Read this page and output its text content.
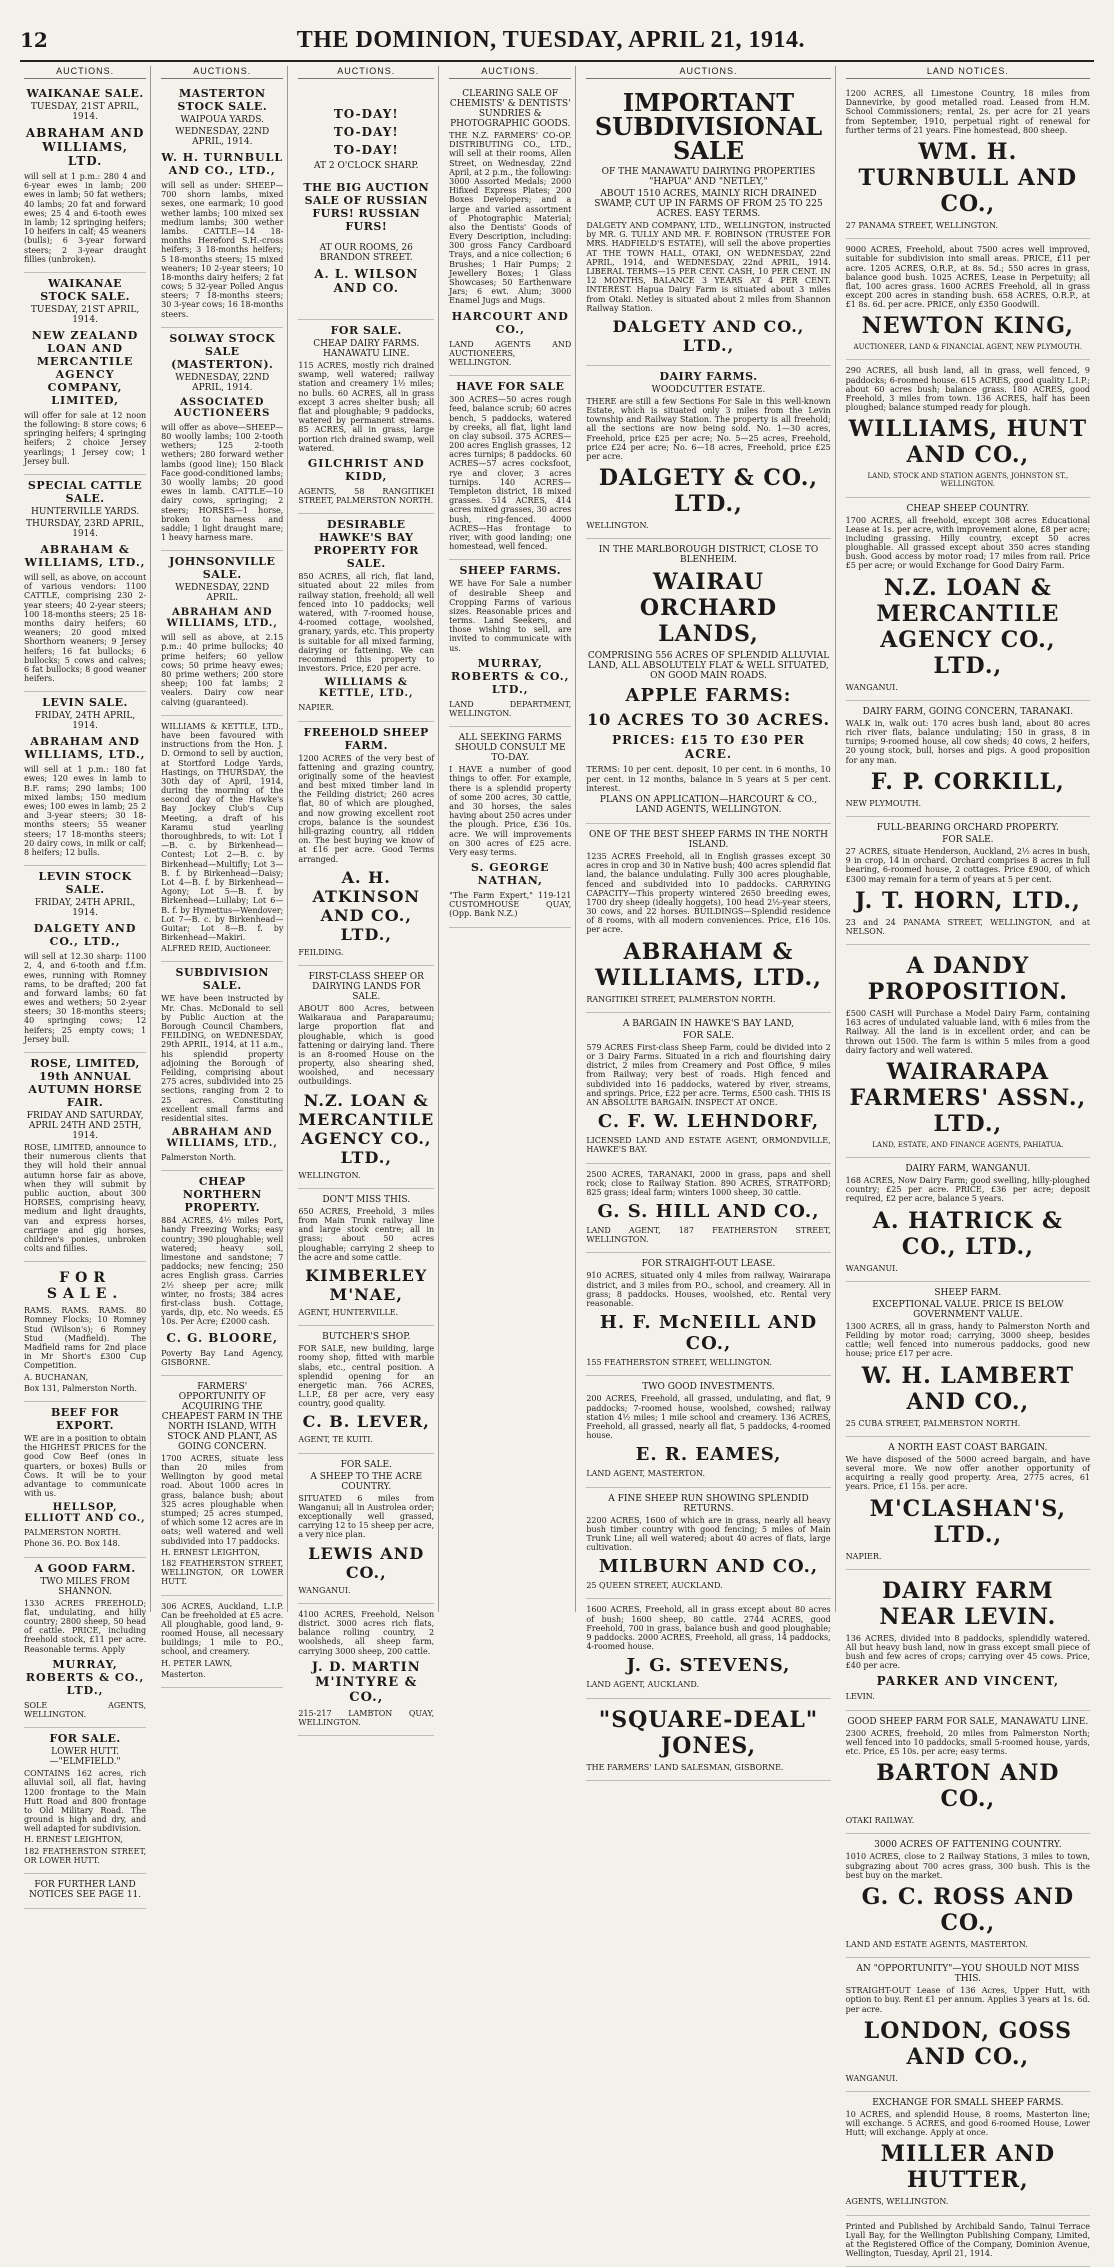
12	THE DOMINION, TUESDAY, APRIL 21, 1914.
AUCTIONS.
WAIKANAE SALE.
TUESDAY, 21ST APRIL, 1914.
ABRAHAM AND WILLIAMS, LTD.

will sell at 1 p.m.: 280 4 and 6-year ewes in lamb; 200 ewes in lamb; 50 fat wethers; 40 lambs; 20 fat and forward ewes; 25 4 and 6-tooth ewes in lamb; 12 springing heifers; 10 heifers in calf; 45 weaners (bulls); 6 3-year forward steers; 2 3-year draught fillies (unbroken).

WAIKANAE STOCK SALE.
TUESDAY, 21ST APRIL, 1914.
NEW ZEALAND LOAN AND MERCANTILE AGENCY COMPANY, LIMITED,

will offer for sale at 12 noon the following: 8 store cows; 6 springing heifers; 4 springing heifers; 2 choice Jersey yearlings; 1 Jersey cow; 1 Jersey bull.

SPECIAL CATTLE SALE.
HUNTERVILLE YARDS.
THURSDAY, 23RD APRIL, 1914.
ABRAHAM & WILLIAMS, LTD.,

will sell, as above, on account of various vendors: 1100 CATTLE, comprising 230 2-year steers; 40 2-year steers; 100 18-months steers; 25 18-months dairy heifers; 60 weaners; 20 good mixed Shorthorn weaners; 9 Jersey heifers; 16 fat bullocks; 6 bullocks; 5 cows and calves; 6 fat bullocks; 8 good weaner heifers.

LEVIN SALE.
FRIDAY, 24TH APRIL, 1914.
ABRAHAM AND WILLIAMS, LTD.,

will sell at 1 p.m.: 180 fat ewes; 120 ewes in lamb to B.F. rams; 290 lambs; 100 mixed lambs; 150 medium ewes; 100 ewes in lamb; 25 2 and 3-year steers; 30 18-months steers; 55 weaner steers; 17 18-months steers; 20 dairy cows, in milk or calf; 8 heifers; 12 bulls.

LEVIN STOCK SALE.
FRIDAY, 24TH APRIL, 1914.
DALGETY AND CO., LTD.,

will sell at 12.30 sharp: 1100 2, 4, and 6-tooth and f.f.m. ewes, running with Romney rams, to be drafted; 200 fat and forward lambs; 60 fat ewes and wethers; 50 2-year steers; 30 18-months steers; 40 springing cows; 12 heifers; 25 empty cows; 1 Jersey bull.

ROSE, LIMITED, 19th ANNUAL AUTUMN HORSE FAIR.
FRIDAY AND SATURDAY, APRIL 24TH AND 25TH, 1914.

ROSE, LIMITED, announce to their numerous clients that they will hold their annual autumn horse fair as above, when they will submit by public auction, about 300 HORSES, comprising heavy, medium and light draughts, van and express horses, carriage and gig horses, children's ponies, unbroken colts and fillies.

FOR SALE.

RAMS. RAMS. RAMS. 80 Romney Flocks; 10 Romney Stud (Wilson's); 6 Romney Stud (Madfield). The Madfield rams for 2nd place in Mr Short's £300 Cup Competition.

A. BUCHANAN,

Box 131, Palmerston North.

BEEF FOR EXPORT.

WE are in a position to obtain the HIGHEST PRICES for the good Cow Beef (ones in quarters, or boxes) Bulls or Cows. It will be to your advantage to communicate with us.

HELLSOP, ELLIOTT AND CO.,

PALMERSTON NORTH.

Phone 36. P.O. Box 148.

A GOOD FARM.
TWO MILES FROM SHANNON.

1330 ACRES FREEHOLD; flat, undulating, and hilly country; 2800 sheep, 50 head of cattle. PRICE, including freehold stock, £11 per acre. Reasonable terms. Apply

MURRAY, ROBERTS & CO., LTD.,

SOLE AGENTS, WELLINGTON.

FOR SALE.
LOWER HUTT.—"ELMFIELD."

CONTAINS 162 acres, rich alluvial soil, all flat, having 1200 frontage to the Main Hutt Road and 800 frontage to Old Military Road. The ground is high and dry, and well adapted for subdivision.

H. ERNEST LEIGHTON,

182 FEATHERSTON STREET, OR LOWER HUTT.

FOR FURTHER LAND NOTICES SEE PAGE 11.
AUCTIONS.
MASTERTON STOCK SALE.
WAIPOUA YARDS.
WEDNESDAY, 22ND APRIL, 1914.
W. H. TURNBULL AND CO., LTD.,

will sell as under: SHEEP—700 shorn lambs, mixed sexes, one earmark; 10 good wether lambs; 100 mixed sex medium lambs; 300 wether lambs. CATTLE—14 18-months Hereford S.H.-cross heifers; 3 18-months heifers; 5 18-months steers; 15 mixed weaners; 10 2-year steers; 10 18-months dairy heifers; 2 fat cows; 5 32-year Polled Angus steers; 7 18-months steers; 30 3-year cows; 16 18-months steers.

SOLWAY STOCK SALE (MASTERTON).
WEDNESDAY, 22ND APRIL, 1914.
ASSOCIATED AUCTIONEERS

will offer as above—SHEEP—80 woolly lambs; 100 2-tooth wethers; 125 2-tooth wethers; 280 forward wether lambs (good line); 150 Black Face good-conditioned lambs; 30 woolly lambs; 20 good ewes in lamb. CATTLE—10 dairy cows, springing; 2 steers; HORSES—1 horse, broken to harness and saddle; 1 light draught mare; 1 heavy harness mare.

JOHNSONVILLE SALE.
WEDNESDAY, 22ND APRIL.
ABRAHAM AND WILLIAMS, LTD.,

will sell as above, at 2.15 p.m.: 40 prime bullocks; 40 prime heifers; 60 yellow cows; 50 prime heavy ewes; 80 prime wethers; 200 store sheep; 100 fat lambs; 2 vealers. Dairy cow near calving (guaranteed).

WILLIAMS & KETTLE, LTD., have been favoured with instructions from the Hon. J. D. Ormond to sell by auction, at Stortford Lodge Yards, Hastings, on THURSDAY, the 30th day of April, 1914, during the morning of the second day of the Hawke's Bay Jockey Club's Cup Meeting, a draft of his Karamu stud yearling thoroughbreds, to wit: Lot 1—B. c. by Birkenhead—Contest; Lot 2—B. c. by Birkenhead—Multifly; Lot 3—B. f. by Birkenhead—Daisy; Lot 4—B. f. by Birkenhead—Agony; Lot 5—B. f. by Birkenhead—Lullaby; Lot 6—B. f. by Hymettus—Wendover; Lot 7—B. c. by Birkenhead—Guitar; Lot 8—B. f. by Birkenhead—Makiri.

ALFRED REID, Auctioneer.

SUBDIVISION SALE.

WE have been instructed by Mr. Chas. McDonald to sell by Public Auction at the Borough Council Chambers, FEILDING, on WEDNESDAY, 29th APRIL, 1914, at 11 a.m., his splendid property adjoining the Borough of Feilding, comprising about 275 acres, subdivided into 25 sections, ranging from 2 to 25 acres. Constituting excellent small farms and residential sites.

ABRAHAM AND WILLIAMS, LTD.,

Palmerston North.

CHEAP NORTHERN PROPERTY.

884 ACRES, 4½ miles Port, handy Freezing Works; easy country; 390 ploughable; well watered; heavy soil, limestone and sandstone; 7 paddocks; new fencing; 250 acres English grass. Carries 2½ sheep per acre; milk winter, no frosts; 384 acres first-class bush. Cottage, yards, dip, etc. No weeds. £5 10s. Per Acre; £2000 cash.

C. G. BLOORE,

Poverty Bay Land Agency, GISBORNE.

FARMERS' OPPORTUNITY OF ACQUIRING THE CHEAPEST FARM IN THE NORTH ISLAND, WITH STOCK AND PLANT, AS GOING CONCERN.

1700 ACRES, situate less than 20 miles from Wellington by good metal road. About 1000 acres in grass, balance bush; about 325 acres ploughable when stumped; 25 acres stumped, of which some 12 acres are in oats; well watered and well subdivided into 17 paddocks.

H. ERNEST LEIGHTON,

182 FEATHERSTON STREET, WELLINGTON, OR LOWER HUTT.

306 ACRES, Auckland, L.I.P. Can be freeholded at £5 acre. All ploughable, good land, 9-roomed House, all necessary buildings; 1 mile to P.O., school, and creamery.

H. PETER LAWN,

Masterton.

AUCTIONS.
TO-DAY!
TO-DAY!
TO-DAY!
AT 2 O'CLOCK SHARP.
THE BIG AUCTION SALE OF RUSSIAN FURS! RUSSIAN FURS!
AT OUR ROOMS, 26 BRANDON STREET.
A. L. WILSON AND CO.
FOR SALE.
CHEAP DAIRY FARMS. HANAWATU LINE.

115 ACRES, mostly rich drained swamp, well watered; railway station and creamery 1½ miles; no bulls. 60 ACRES, all in grass except 3 acres shelter bush; all flat and ploughable; 9 paddocks, watered by permanent streams. 85 ACRES, all in grass, large portion rich drained swamp, well watered.

GILCHRIST AND KIDD,

AGENTS, 58 RANGITIKEI STREET, PALMERSTON NORTH.

DESIRABLE HAWKE'S BAY PROPERTY FOR SALE.

850 ACRES, all rich, flat land, situated about 22 miles from railway station, freehold; all well fenced into 10 paddocks; well watered, with 7-roomed house, 4-roomed cottage, woolshed, granary, yards, etc. This property is suitable for all mixed farming, dairying or fattening. We can recommend this property to investors. Price, £20 per acre.

WILLIAMS & KETTLE, LTD.,

NAPIER.

FREEHOLD SHEEP FARM.

1200 ACRES of the very best of fattening and grazing country, originally some of the heaviest and best mixed timber land in the Feilding district; 260 acres flat, 80 of which are ploughed, and now growing excellent root crops, balance is the soundest hill-grazing country, all ridden on. The best buying we know of at £16 per acre. Good Terms arranged.

A. H. ATKINSON AND CO., LTD.,

FEILDING.

FIRST-CLASS SHEEP OR DAIRYING LANDS FOR SALE.

ABOUT 800 Acres, between Waikaraua and Paraparaumu; large proportion flat and ploughable, which is good fattening or dairying land. There is an 8-roomed House on the property, also shearing shed, woolshed, and necessary outbuildings.

N.Z. LOAN & MERCANTILE AGENCY CO., LTD.,

WELLINGTON.

DON'T MISS THIS.

650 ACRES, Freehold, 3 miles from Main Trunk railway line and large stock centre; all in grass; about 50 acres ploughable; carrying 2 sheep to the acre and some cattle.

KIMBERLEY M'NAE,

AGENT, HUNTERVILLE.

BUTCHER'S SHOP.

FOR SALE, new building, large roomy shop, fitted with marble slabs, etc., central position. A splendid opening for an energetic man. 766 ACRES, L.I.P., £8 per acre, very easy country, good quality.

C. B. LEVER,

AGENT, TE KUITI.

FOR SALE.
A SHEEP TO THE ACRE COUNTRY.

SITUATED 6 miles from Wanganui; all in Austrolea order; exceptionally well grassed, carrying 12 to 15 sheep per acre, a very nice plan.

LEWIS AND CO.,

WANGANUI.

4100 ACRES, Freehold, Nelson district. 3000 acres rich flats, balance rolling country, 2 woolsheds, all sheep farm, carrying 3000 sheep, 200 cattle.

J. D. MARTIN M'INTYRE & CO.,

215-217 LAMBTON QUAY, WELLINGTON.

AUCTIONS.
CLEARING SALE OF CHEMISTS' & DENTISTS' SUNDRIES & PHOTOGRAPHIC GOODS.

THE N.Z. FARMERS' CO-OP. DISTRIBUTING CO., LTD., will sell at their rooms, Allen Street, on Wednesday, 22nd April, at 2 p.m., the following: 3000 Assorted Medals; 2000 Hifixed Express Plates; 200 Boxes Developers; and a large and varied assortment of Photographic Material; also the Dentists' Goods of Every Description, including: 300 gross Fancy Cardboard Trays, and a nice collection; 6 Brushes; 1 Hair Pumps; 2 Jewellery Boxes; 1 Glass Showcases; 50 Earthenware Jars; 6 ewt. Alum; 3000 Enamel Jugs and Mugs.

HARCOURT AND CO.,

LAND AGENTS AND AUCTIONEERS, WELLINGTON.

HAVE FOR SALE

300 ACRES—50 acres rough feed, balance scrub; 60 acres bench, 5 paddocks, watered by creeks, all flat, light land on clay subsoil. 375 ACRES—200 acres English grasses, 12 acres turnips; 8 paddocks. 60 ACRES—57 acres cocksfoot, rye and clover, 3 acres turnips. 140 ACRES—Templeton district, 18 mixed grasses. 514 ACRES, 414 acres mixed grasses, 30 acres bush, ring-fenced. 4000 ACRES—Has frontage to river, with good landing; one homestead, well fenced.

SHEEP FARMS.

WE have For Sale a number of desirable Sheep and Cropping Farms of various sizes. Reasonable prices and terms. Land Seekers, and those wishing to sell, are invited to communicate with us.

MURRAY, ROBERTS & CO., LTD.,

LAND DEPARTMENT, WELLINGTON.

ALL SEEKING FARMS SHOULD CONSULT ME TO-DAY.

I HAVE a number of good things to offer. For example, there is a splendid property of some 200 acres, 30 cattle, and 30 horses, the sales having about 250 acres under the plough. Price, £36 10s. acre. We will improvements on 300 acres of £25 acre. Very easy terms.

S. GEORGE NATHAN,

"The Farm Expert," 119-121 CUSTOMHOUSE QUAY, (Opp. Bank N.Z.)

AUCTIONS.
IMPORTANT SUBDIVISIONAL SALE
OF THE MANAWATU DAIRYING PROPERTIES "HAPUA" AND "NETLEY,"
ABOUT 1510 ACRES, MAINLY RICH DRAINED SWAMP, CUT UP IN FARMS OF FROM 25 TO 225 ACRES. EASY TERMS.

DALGETY AND COMPANY, LTD., WELLINGTON, instructed by MR. G. TULLY AND MR. F. ROBINSON (TRUSTEE FOR MRS. HADFIELD'S ESTATE), will sell the above properties AT THE TOWN HALL, OTAKI, ON WEDNESDAY, 22nd APRIL, 1914, and WEDNESDAY, 22nd APRIL, 1914. LIBERAL TERMS—15 PER CENT. CASH, 10 PER CENT. IN 12 MONTHS, BALANCE 3 YEARS AT 4 PER CENT. INTEREST. Hapua Dairy Farm is situated about 3 miles from Otaki. Netley is situated about 2 miles from Shannon Railway Station.

DALGETY AND CO., LTD.,
DAIRY FARMS.
WOODCUTTER ESTATE.

THERE are still a few Sections For Sale in this well-known Estate, which is situated only 3 miles from the Levin township and Railway Station. The property is all freehold; all the sections are now being sold. No. 1—30 acres, Freehold, price £25 per acre; No. 5—25 acres, Freehold, price £24 per acre; No. 6—18 acres, Freehold, price £25 per acre.

DALGETY & CO., LTD.,

WELLINGTON.

IN THE MARLBOROUGH DISTRICT, CLOSE TO BLENHEIM.
WAIRAU ORCHARD LANDS,
COMPRISING 556 ACRES OF SPLENDID ALLUVIAL LAND, ALL ABSOLUTELY FLAT & WELL SITUATED, ON GOOD MAIN ROADS.
APPLE FARMS:
10 ACRES TO 30 ACRES.
PRICES: £15 TO £30 PER ACRE.

TERMS: 10 per cent. deposit, 10 per cent. in 6 months, 10 per cent. in 12 months, balance in 5 years at 5 per cent. interest.

PLANS ON APPLICATION—HARCOURT & CO., LAND AGENTS, WELLINGTON.
ONE OF THE BEST SHEEP FARMS IN THE NORTH ISLAND.

1235 ACRES Freehold, all in English grasses except 30 acres in crop and 30 in Native bush; 400 acres splendid flat land, the balance undulating. Fully 300 acres ploughable, fenced and subdivided into 10 paddocks. CARRYING CAPACITY—This property wintered 2650 breeding ewes, 1700 dry sheep (ideally hoggets), 100 head 2½-year steers, 30 cows, and 22 horses. BUILDINGS—Splendid residence of 8 rooms, with all modern conveniences. Price, £16 10s. per acre.

ABRAHAM & WILLIAMS, LTD.,

RANGITIKEI STREET, PALMERSTON NORTH.

A BARGAIN IN HAWKE'S BAY LAND,
FOR SALE.

579 ACRES First-class Sheep Farm, could be divided into 2 or 3 Dairy Farms. Situated in a rich and flourishing dairy district, 2 miles from Creamery and Post Office, 9 miles from Railway; very best of roads. High fenced and subdivided into 16 paddocks, watered by river, streams, and springs. Price, £22 per acre. Terms, £500 cash. THIS IS AN ABSOLUTE BARGAIN. INSPECT AT ONCE.

C. F. W. LEHNDORF,

LICENSED LAND AND ESTATE AGENT, ORMONDVILLE, HAWKE'S BAY.

2500 ACRES, TARANAKI, 2000 in grass, paps and shell rock; close to Railway Station. 890 ACRES, STRATFORD; 825 grass; ideal farm; winters 1000 sheep, 30 cattle.

G. S. HILL AND CO.,

LAND AGENT, 187 FEATHERSTON STREET, WELLINGTON.

FOR STRAIGHT-OUT LEASE.

910 ACRES, situated only 4 miles from railway, Wairarapa district, and 3 miles from P.O., school, and creamery. All in grass; 8 paddocks. Houses, woolshed, etc. Rental very reasonable.

H. F. McNEILL AND CO.,

155 FEATHERSTON STREET, WELLINGTON.

TWO GOOD INVESTMENTS.

200 ACRES, Freehold, all grassed, undulating, and flat, 9 paddocks; 7-roomed house, woolshed, cowshed; railway station 4½ miles; 1 mile school and creamery. 136 ACRES, Freehold, all grassed, nearly all flat, 5 paddocks, 4-roomed house.

E. R. EAMES,

LAND AGENT, MASTERTON.

A FINE SHEEP RUN SHOWING SPLENDID RETURNS.

2200 ACRES, 1600 of which are in grass, nearly all heavy bush timber country with good fencing; 5 miles of Main Trunk Line; all well watered; about 40 acres of flats, large cultivation.

MILBURN AND CO.,

25 QUEEN STREET, AUCKLAND.

1600 ACRES, Freehold, all in grass except about 80 acres of bush; 1600 sheep, 80 cattle. 2744 ACRES, good Freehold, 700 in grass, balance bush and good ploughable; 9 paddocks. 2000 ACRES, Freehold, all grass, 14 paddocks, 4-roomed house.

J. G. STEVENS,

LAND AGENT, AUCKLAND.

"SQUARE-DEAL" JONES,

THE FARMERS' LAND SALESMAN, GISBORNE.

LAND NOTICES.

1200 ACRES, all Limestone Country, 18 miles from Dannevirke, by good metalled road. Leased from H.M. School Commissioners; rental, 2s. per acre for 21 years from September, 1910, perpetual right of renewal for further terms of 21 years. Fine homestead, 800 sheep.

WM. H. TURNBULL AND CO.,

27 PANAMA STREET, WELLINGTON.

9000 ACRES, Freehold, about 7500 acres well improved, suitable for subdivision into small areas. PRICE, £11 per acre. 1205 ACRES, O.R.P., at 8s. 5d.; 550 acres in grass, balance good bush. 1025 ACRES, Lease in Perpetuity; all flat, 100 acres grass. 1600 ACRES Freehold, all in grass except 200 acres in standing bush. 658 ACRES, O.R.P., at £1 8s. 6d. per acre. PRICE, only £350 Goodwill.

NEWTON KING,

AUCTIONEER, LAND & FINANCIAL AGENT, NEW PLYMOUTH.

290 ACRES, all bush land, all in grass, well fenced, 9 paddocks; 6-roomed house. 615 ACRES, good quality L.I.P.; about 60 acres bush; balance grass. 180 ACRES, good Freehold, 3 miles from town. 136 ACRES, half has been ploughed; balance stumped ready for plough.

WILLIAMS, HUNT AND CO.,

LAND, STOCK AND STATION AGENTS, JOHNSTON ST., WELLINGTON.

CHEAP SHEEP COUNTRY.

1700 ACRES, all freehold, except 308 acres Educational Lease at 1s. per acre, with improvement alone, £8 per acre; including grassing. Hilly country, except 50 acres ploughable. All grassed except about 350 acres standing bush. Good access by motor road; 17 miles from rail. Price £5 per acre; or would Exchange for Good Dairy Farm.

N.Z. LOAN & MERCANTILE AGENCY CO., LTD.,

WANGANUI.

DAIRY FARM, GOING CONCERN, TARANAKI.

WALK in, walk out: 170 acres bush land, about 80 acres rich river flats, balance undulating; 150 in grass, 8 in turnips; 9-roomed house, all cow sheds; 40 cows, 2 heifers, 20 young stock, bull, horses and pigs. A good proposition for any man.

F. P. CORKILL,

NEW PLYMOUTH.

FULL-BEARING ORCHARD PROPERTY.
FOR SALE.

27 ACRES, situate Henderson, Auckland, 2½ acres in bush, 9 in crop, 14 in orchard. Orchard comprises 8 acres in full bearing, 6-roomed house, 2 cottages. Price £900, of which £300 may remain for a term of years at 5 per cent.

J. T. HORN, LTD.,

23 and 24 PANAMA STREET, WELLINGTON, and at NELSON.

A DANDY PROPOSITION.

£500 CASH will Purchase a Model Dairy Farm, containing 163 acres of undulated valuable land, with 6 miles from the Railway. All the land is in excellent order, and can be thrown out 1500. The farm is within 5 miles from a good dairy factory and well watered.

WAIRARAPA FARMERS' ASSN., LTD.,

LAND, ESTATE, AND FINANCE AGENTS, PAHIATUA.

DAIRY FARM, WANGANUI.

168 ACRES, Now Dairy Farm; good swelling, hilly-ploughed country; £25 per acre. PRICE, £36 per acre; deposit required, £2 per acre, balance 5 years.

A. HATRICK & CO., LTD.,

WANGANUI.

SHEEP FARM.
EXCEPTIONAL VALUE. PRICE IS BELOW GOVERNMENT VALUE.

1300 ACRES, all in grass, handy to Palmerston North and Feilding by motor road; carrying, 3000 sheep, besides cattle; well fenced into numerous paddocks, good new house; price £17 per acre.

W. H. LAMBERT AND CO.,

25 CUBA STREET, PALMERSTON NORTH.

A NORTH EAST COAST BARGAIN.

We have disposed of the 5000 acreed bargain, and have several more. We now offer another opportunity of acquiring a really good property. Area, 2775 acres, 61 years. Price, £1 15s. per acre.

M'CLASHAN'S, LTD.,

NAPIER.

DAIRY FARM NEAR LEVIN.

136 ACRES, divided into 8 paddocks, splendidly watered. All but heavy bush land, now in grass except small piece of bush and few acres of crops; carrying over 45 cows. Price, £40 per acre.

PARKER AND VINCENT,

LEVIN.

GOOD SHEEP FARM FOR SALE, MANAWATU LINE.

2300 ACRES, freehold, 20 miles from Palmerston North; well fenced into 10 paddocks, small 5-roomed house, yards, etc. Price, £5 10s. per acre; easy terms.

BARTON AND CO.,

OTAKI RAILWAY.

3000 ACRES OF FATTENING COUNTRY.

1010 ACRES, close to 2 Railway Stations, 3 miles to town, subgrazing about 700 acres grass, 300 bush. This is the best buy on the market.

G. C. ROSS AND CO.,

LAND AND ESTATE AGENTS, MASTERTON.

AN "OPPORTUNITY"—YOU SHOULD NOT MISS THIS.

STRAIGHT-OUT Lease of 136 Acres, Upper Hutt, with option to buy. Rent £1 per annum. Applies 3 years at 1s. 6d. per acre.

LONDON, GOSS AND CO.,

WANGANUI.

EXCHANGE FOR SMALL SHEEP FARMS.

10 ACRES, and splendid House, 8 rooms, Masterton line; will exchange. 5 ACRES, and good 6-roomed House, Lower Hutt; will exchange. Apply at once.

MILLER AND HUTTER,

AGENTS, WELLINGTON.

Printed and Published by Archibald Sando, Tainui Terrace Lyall Bay, for the Wellington Publishing Company, Limited, at the Registered Office of the Company, Dominion Avenue, Wellington, Tuesday, April 21, 1914.
